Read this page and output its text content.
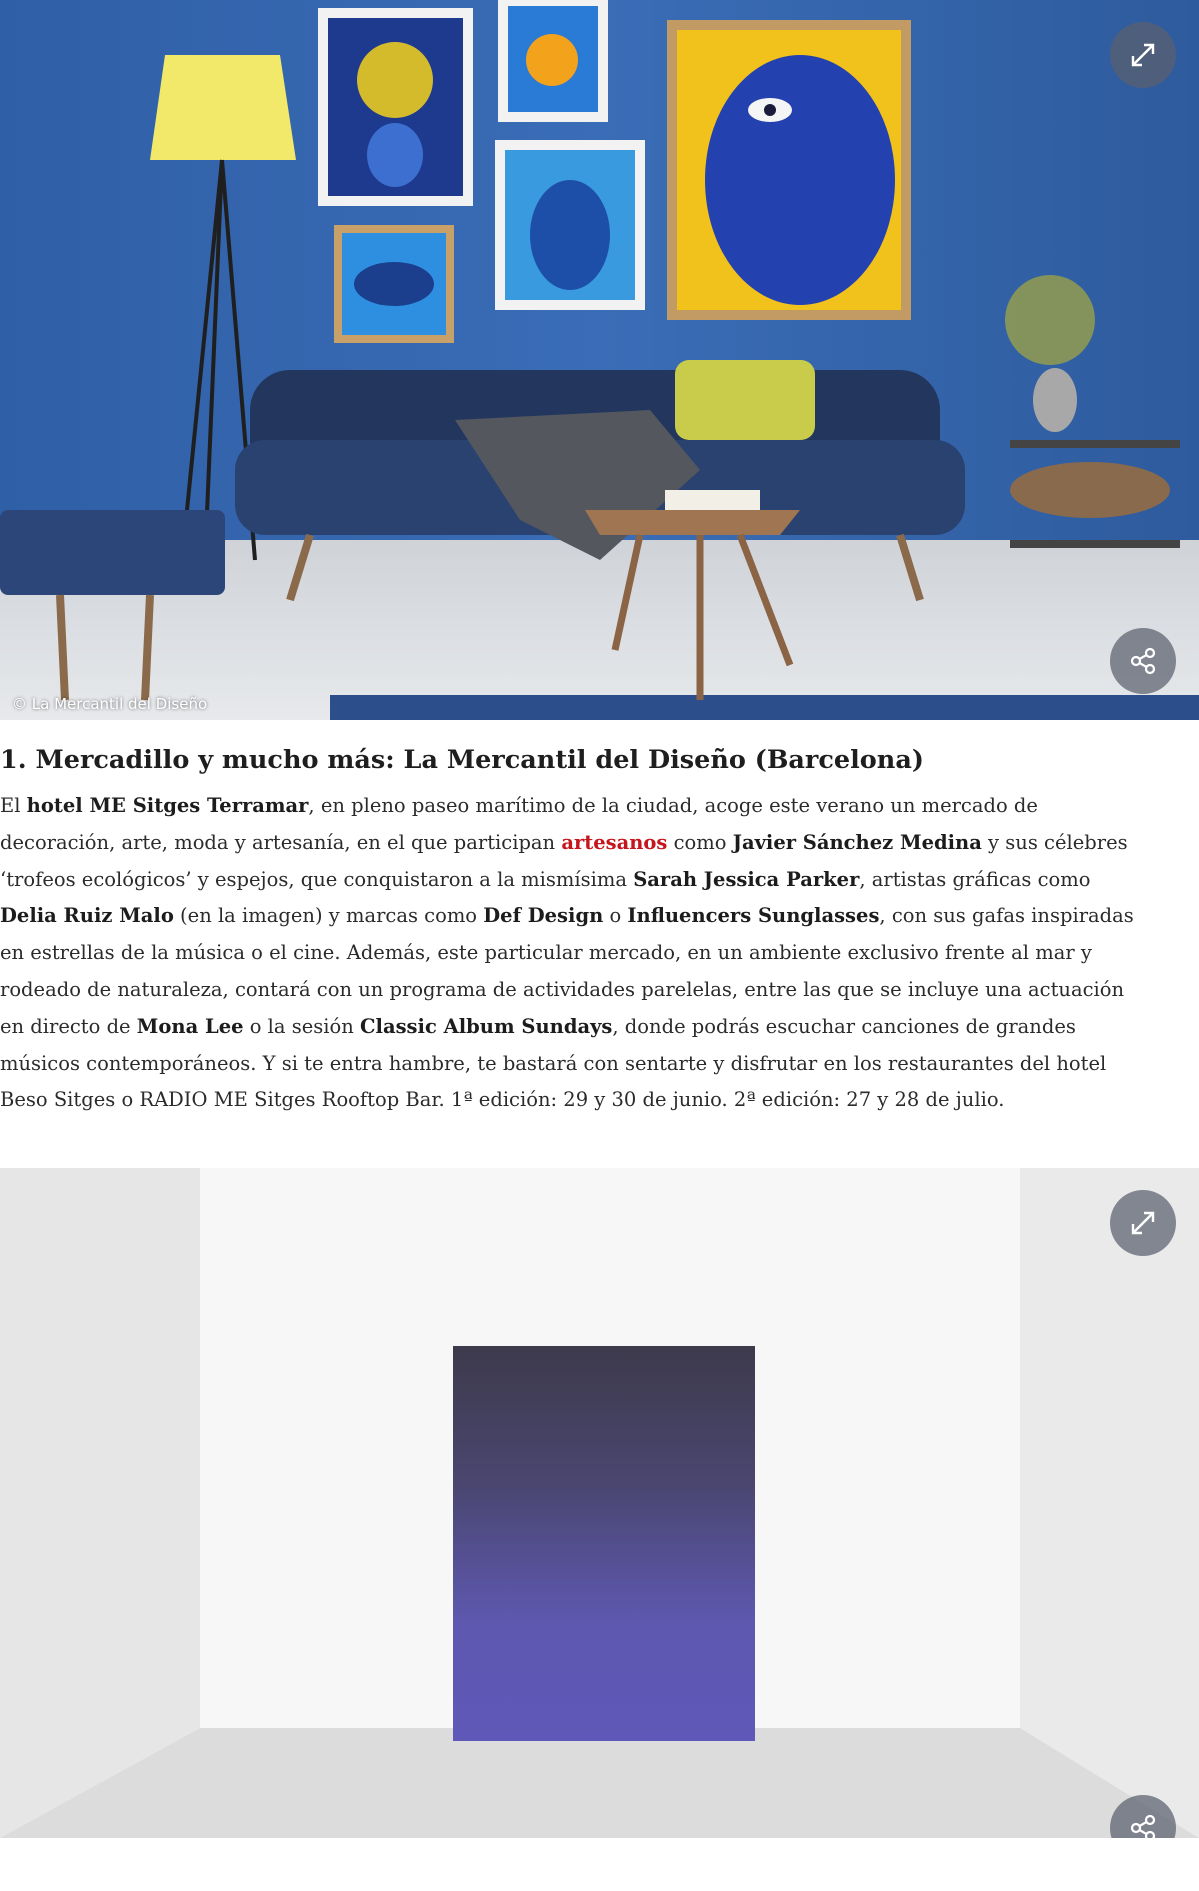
© La Mercantil del Diseño
1. Mercadillo y mucho más: La Mercantil del Diseño (Barcelona)
El hotel ME Sitges Terramar, en pleno paseo marítimo de la ciudad, acoge este verano un mercado de
decoración, arte, moda y artesanía, en el que participan artesanos como Javier Sánchez Medina y sus célebres
‘trofeos ecológicos’ y espejos, que conquistaron a la mismísima Sarah Jessica Parker, artistas gráficas como
Delia Ruiz Malo (en la imagen) y marcas como Def Design o Influencers Sunglasses, con sus gafas inspiradas
en estrellas de la música o el cine. Además, este particular mercado, en un ambiente exclusivo frente al mar y
rodeado de naturaleza, contará con un programa de actividades parelelas, entre las que se incluye una actuación
en directo de Mona Lee o la sesión Classic Album Sundays, donde podrás escuchar canciones de grandes
músicos contemporáneos. Y si te entra hambre, te bastará con sentarte y disfrutar en los restaurantes del hotel
Beso Sitges o RADIO ME Sitges Rooftop Bar. 1ª edición: 29 y 30 de junio. 2ª edición: 27 y 28 de julio.
